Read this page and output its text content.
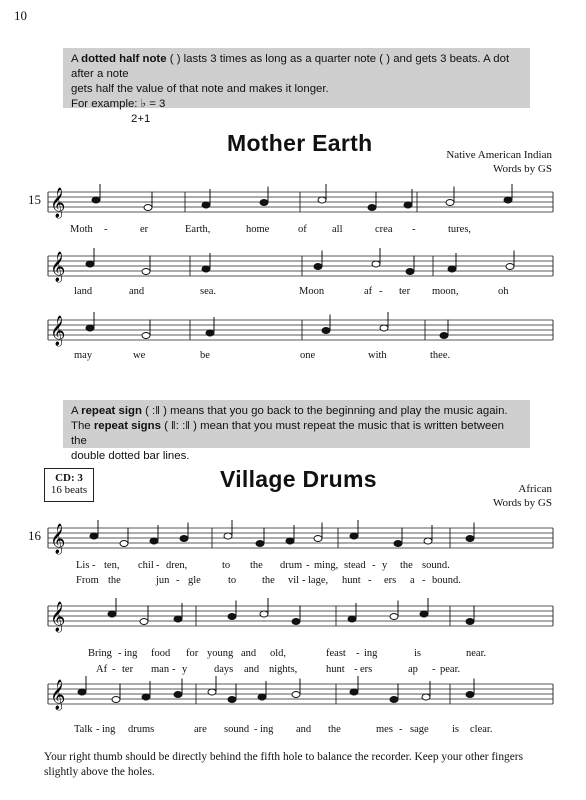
10
A dotted half note ( ) lasts 3 times as long as a quarter note ( ) and gets 3 beats. A dot after a note
gets half the value of that note and makes it longer.
For example: ♭ = 3
2+1
Mother Earth	Native American Indian
Words by GS
15 𝄞
𝄞
𝄞
𝄞
𝄞
𝄞
Moth -	er	Earth,	home	of all	crea -	tures,
land	and	sea.	Moon	af - ter moon,	oh
may	we	be	one	with	thee.
A repeat sign ( :‖ ) means that you go back to the beginning and play the music again.
The repeat signs ( ‖: :‖ ) mean that you must repeat the music that is written between the
double dotted bar lines.
CD: 3
16 beats	Village Drums	African
Words by GS
16
Lis - ten, chil - dren,	to the drum - ming, stead - y the sound.
From the	jun - gle	to the vil - lage, hunt - ers a - bound.
Bring - ing food for young and old,	feast - ing	is	near.
Af - ter man - y	days and nights,	hunt - ers	ap - pear.
Talk - ing drums	are sound - ing and the	mes - sage is clear.
Your right thumb should be directly behind the fifth hole to balance the recorder. Keep your other fingers
slightly above the holes.
